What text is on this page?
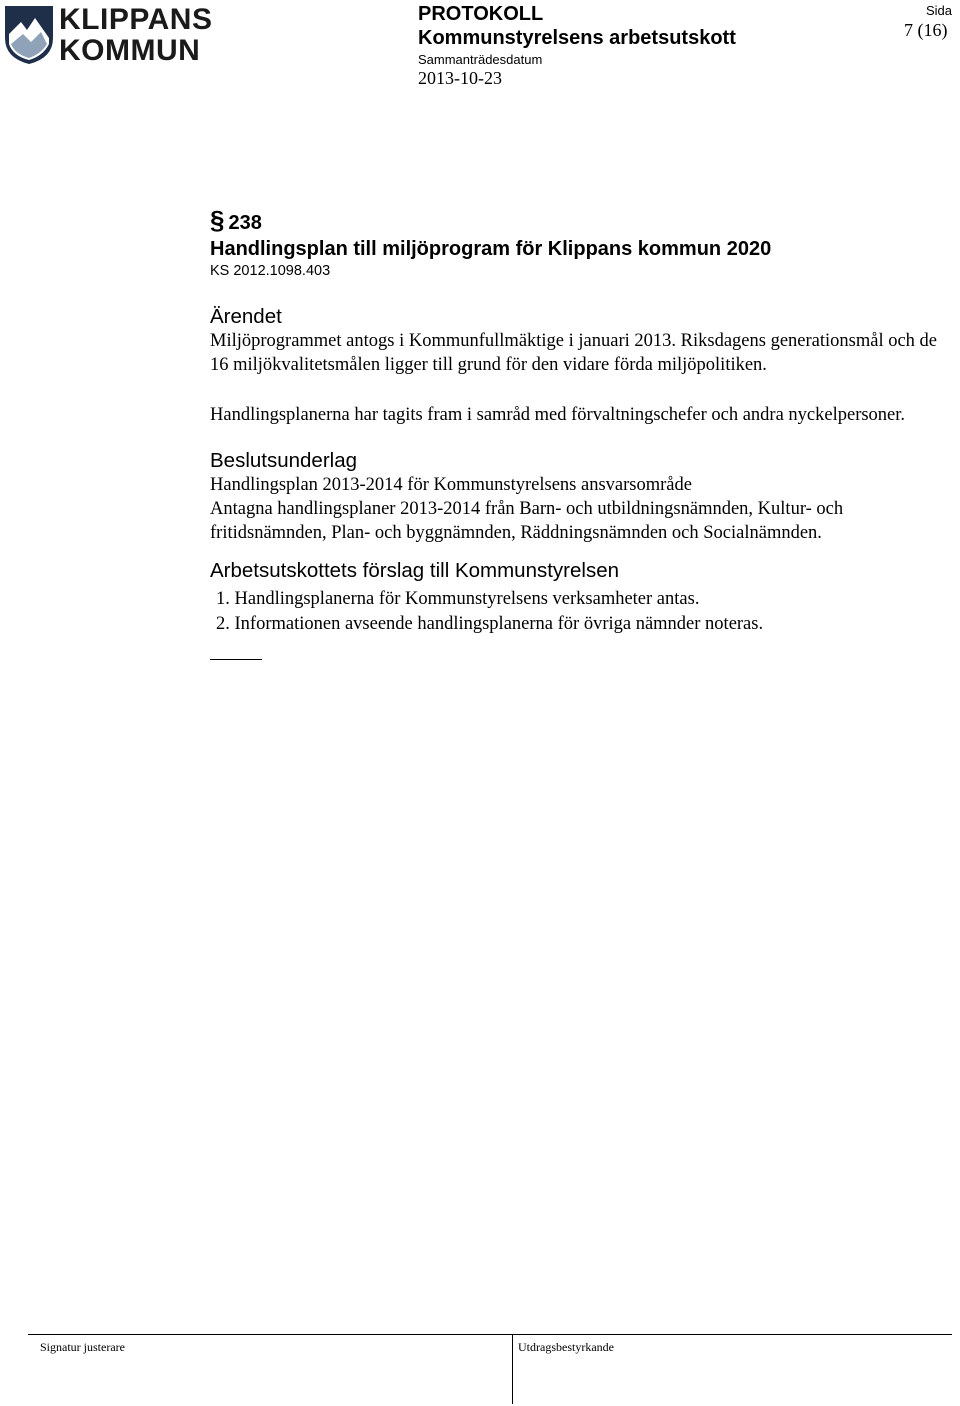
KLIPPANS
KOMMUN
PROTOKOLL
Kommunstyrelsens arbetsutskott
Sammanträdesdatum
2013-10-23
Sida
7 (16)
§ 238

Handlingsplan till miljöprogram för Klippans kommun 2020

KS 2012.1098.403

Ärendet

Miljöprogrammet antogs i Kommunfullmäktige i januari 2013. Riksdagens generationsmål och de 16 miljökvalitetsmålen ligger till grund för den vidare förda miljöpolitiken.

Handlingsplanerna har tagits fram i samråd med förvaltningschefer och andra nyckelpersoner.

Beslutsunderlag

Handlingsplan 2013-2014 för Kommunstyrelsens ansvarsområde

Antagna handlingsplaner 2013-2014 från Barn- och utbildningsnämnden, Kultur- och fritidsnämnden, Plan- och byggnämnden, Räddningsnämnden och Socialnämnden.

Arbetsutskottets förslag till Kommunstyrelsen

1. Handlingsplanerna för Kommunstyrelsens verksamheter antas.
2. Informationen avseende handlingsplanerna för övriga nämnder noteras.
Signatur justerare	Utdragsbestyrkande
